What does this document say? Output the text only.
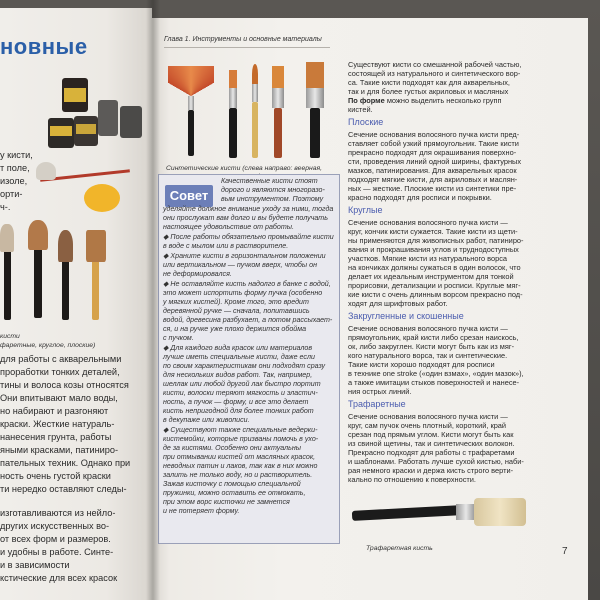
новные

у кисти,

т поле,

изоле,

орти-

ч-.

кисти

фаретные, круглое, плоские)

для работы с акварельными

проработки тонких деталей,

тины и волоса козы относятся

Они впитывают мало воды,

но набирают и разгоняют

краски. Жесткие натураль-

нанесения грунта, работы

яными красками, патиниро-

пательных техник. Однако при

ность очень густой краски

ти нередко оставляют следы-

изготавливаются из нейло-

других искусственных во-

от всех форм и размеров.

и удобны в работе. Синте-

и в зависимости

кстические для всех красок

Глава 1. Инструменты и основные материалы

Синтетические кисти (слева направо: веерная,

Совет

Качественные кисти стоят

дорого и являются многоразо-

вым инструментом. Поэтому

уделяйте должное внимание уходу за ними, тогда

они прослужат вам долго и вы будете получать

настоящее удовольствие от работы.

◆ После работы обязательно промывайте кисти

в воде с мылом или в растворителе.

◆ Храните кисти в горизонтальном положении

или вертикальном — пучком вверх, чтобы он

не деформировался.

◆ Не оставляйте кисть надолго в банке с водой,

это может испортить форму пучка (особенно

у мягких кистей). Кроме того, это вредит

деревянной ручке — сначала, попитавшись

водой, древесина разбухает, а потом рассыхает-

ся, и на ручке уже плохо держится обойма

с пучком.

◆ Для каждого вида красок или материалов

лучше иметь специальные кисти, даже если

по своим характеристикам они подходят сразу

для нескольких видов работ. Так, например,

шеллак или любой другой лак быстро портит

кисти, волоски теряют мягкость и эластич-

ность, а пучок — форму, и все это делает

кисть непригодной для более тонких работ

в декупаже или живописи.

◆ Существуют также специальные ведерки-

кистемойки, которые призваны помочь в ухо-

де за кистями. Особенно они актуальны

при отмывании кистей от масляных красок,

неводных патин и лаков, так как в них можно

залить не только воду, но и растворитель.

Зажав кисточку с помощью специальной

пружинки, можно оставить ее отмокать,

при этом ворс кисточки не замнется

и не потеряет форму.

Существуют кисти со смешанной рабочей частью,

состоящей из натурального и синтетического вор-

са. Такие кисти подходят как для акварельных,

так и для более густых акриловых и масляных

По форме можно выделить несколько групп

кистей.

Плоские

Сечение основания волосяного пучка кисти пред-

ставляет собой узкий прямоугольник. Такие кисти

прекрасно подходят для окрашивания поверхно-

сти, проведения линий одной ширины, фактурных

мазков, патинирования. Для акварельных красок

подходят мягкие кисти, для акриловых и маслян-

ных — жесткие. Плоские кисти из синтетики пре-

красно подходят для росписи и покрывки.

Круглые

Сечение основания волосяного пучка кисти —

круг, кончик кисти сужается. Такие кисти из щети-

ны применяются для живописных работ, патиниро-

вания и прокрашивания углов и труднодоступных

участков. Мягкие кисти из натурального ворса

на кончиках должны сужаться в один волосок, что

делает их идеальным инструментом для тонкой

прорисовки, детализации и росписи. Круглые мяг-

кие кисти с очень длинным ворсом прекрасно под-

ходят для шрифтовых работ.

Закругленные и скошенные

Сечение основания волосяного пучка кисти —

прямоугольник, край кисти либо срезан наискось,

ок, либо закруглен. Кисти могут быть как из мяг-

кого натурального ворса, так и синтетические.

Такие кисти хорошо подходят для росписи

в технике one stroke («один взмах», «один мазок»),

а также имитации стыков поверхностей и нанесе-

ния острых линий.

Трафаретные

Сечение основания волосяного пучка кисти —

круг, сам пучок очень плотный, короткий, край

срезан под прямым углом. Кисти могут быть как

из свиной щетины, так и синтетических волокон.

Прекрасно подходят для работы с трафаретами

и шаблонами. Работать лучше сухой кистью, наби-

рая немного краски и держа кисть строго верти-

кально по отношению к поверхности.

Трафаретная кисть	7
